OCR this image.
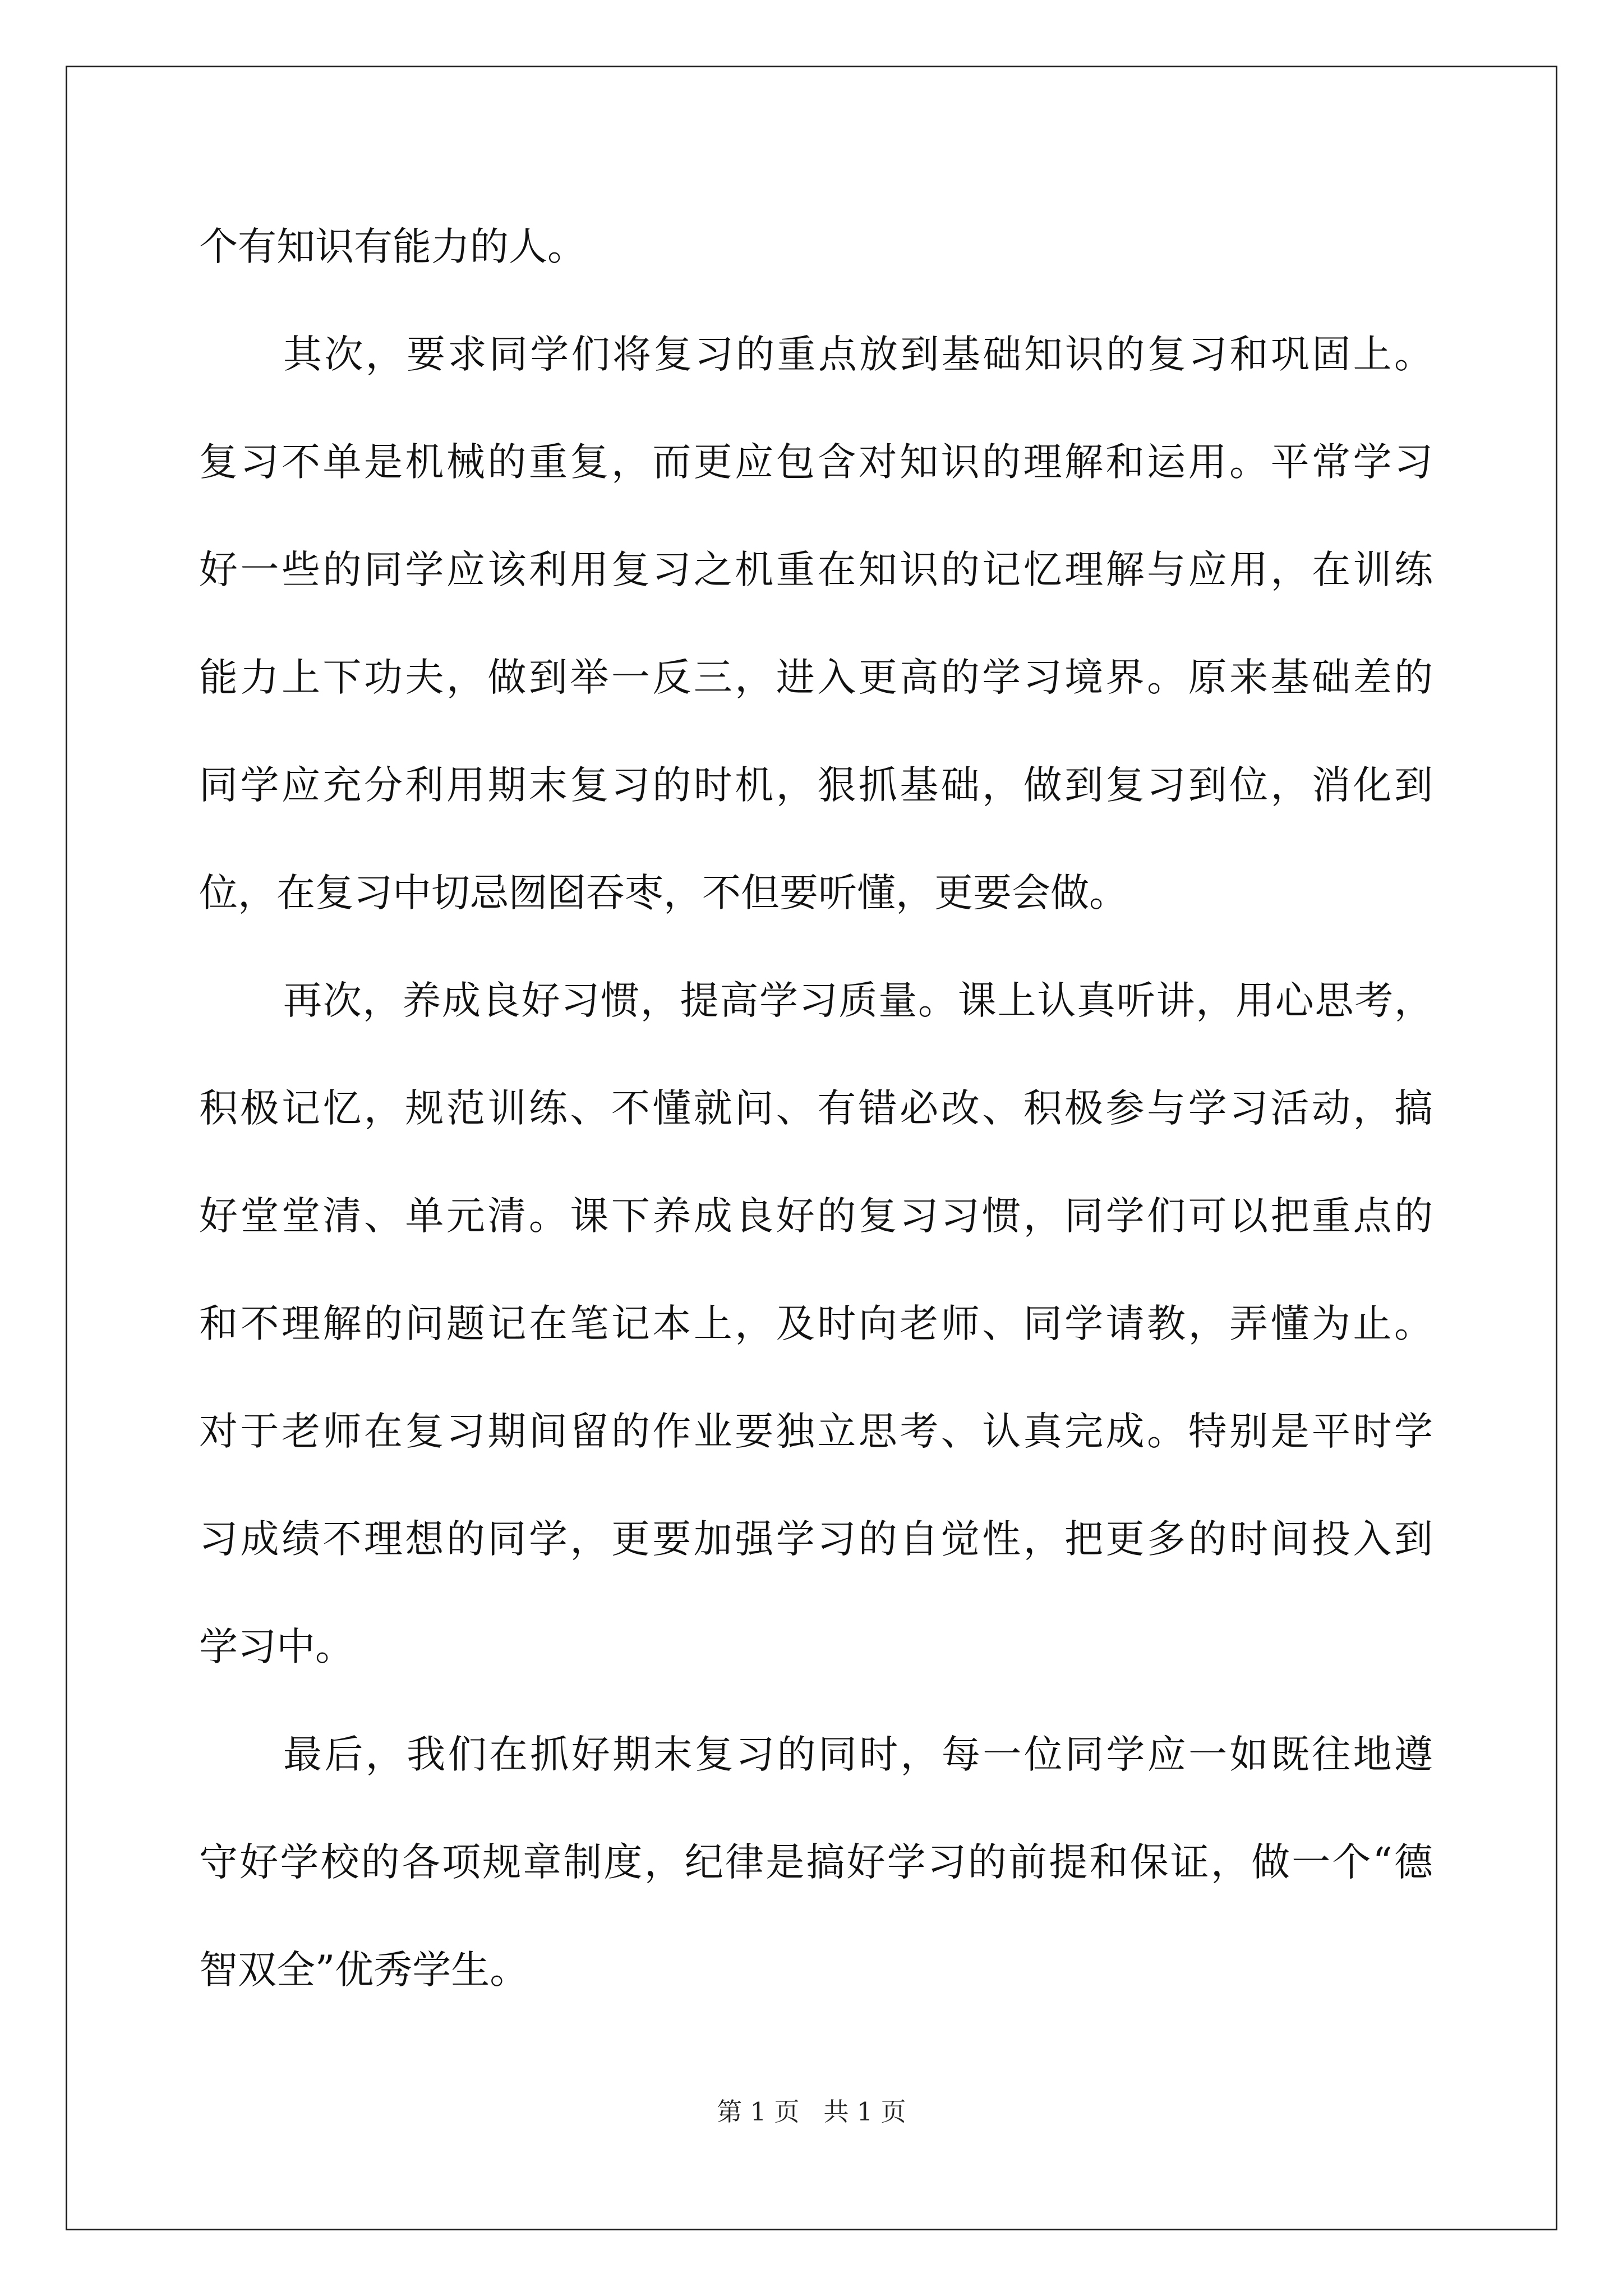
个有知识有能力的人。
其次，要求同学们将复习的重点放到基础知识的复习和巩固上。
复习不单是机械的重复，而更应包含对知识的理解和运用。平常学习
好一些的同学应该利用复习之机重在知识的记忆理解与应用，在训练
能力上下功夫，做到举一反三，进入更高的学习境界。原来基础差的
同学应充分利用期末复习的时机，狠抓基础，做到复习到位，消化到
位，在复习中切忌囫囵吞枣，不但要听懂，更要会做。
再次，养成良好习惯，提高学习质量。课上认真听讲，用心思考，
积极记忆，规范训练、不懂就问、有错必改、积极参与学习活动，搞
好堂堂清、单元清。课下养成良好的复习习惯，同学们可以把重点的
和不理解的问题记在笔记本上，及时向老师、同学请教，弄懂为止。
对于老师在复习期间留的作业要独立思考、认真完成。特别是平时学
习成绩不理想的同学，更要加强学习的自觉性，把更多的时间投入到
学习中。
最后，我们在抓好期末复习的同时，每一位同学应一如既往地遵
守好学校的各项规章制度，纪律是搞好学习的前提和保证，做一个“德
智双全”优秀学生。
第 1 页   共 1 页
